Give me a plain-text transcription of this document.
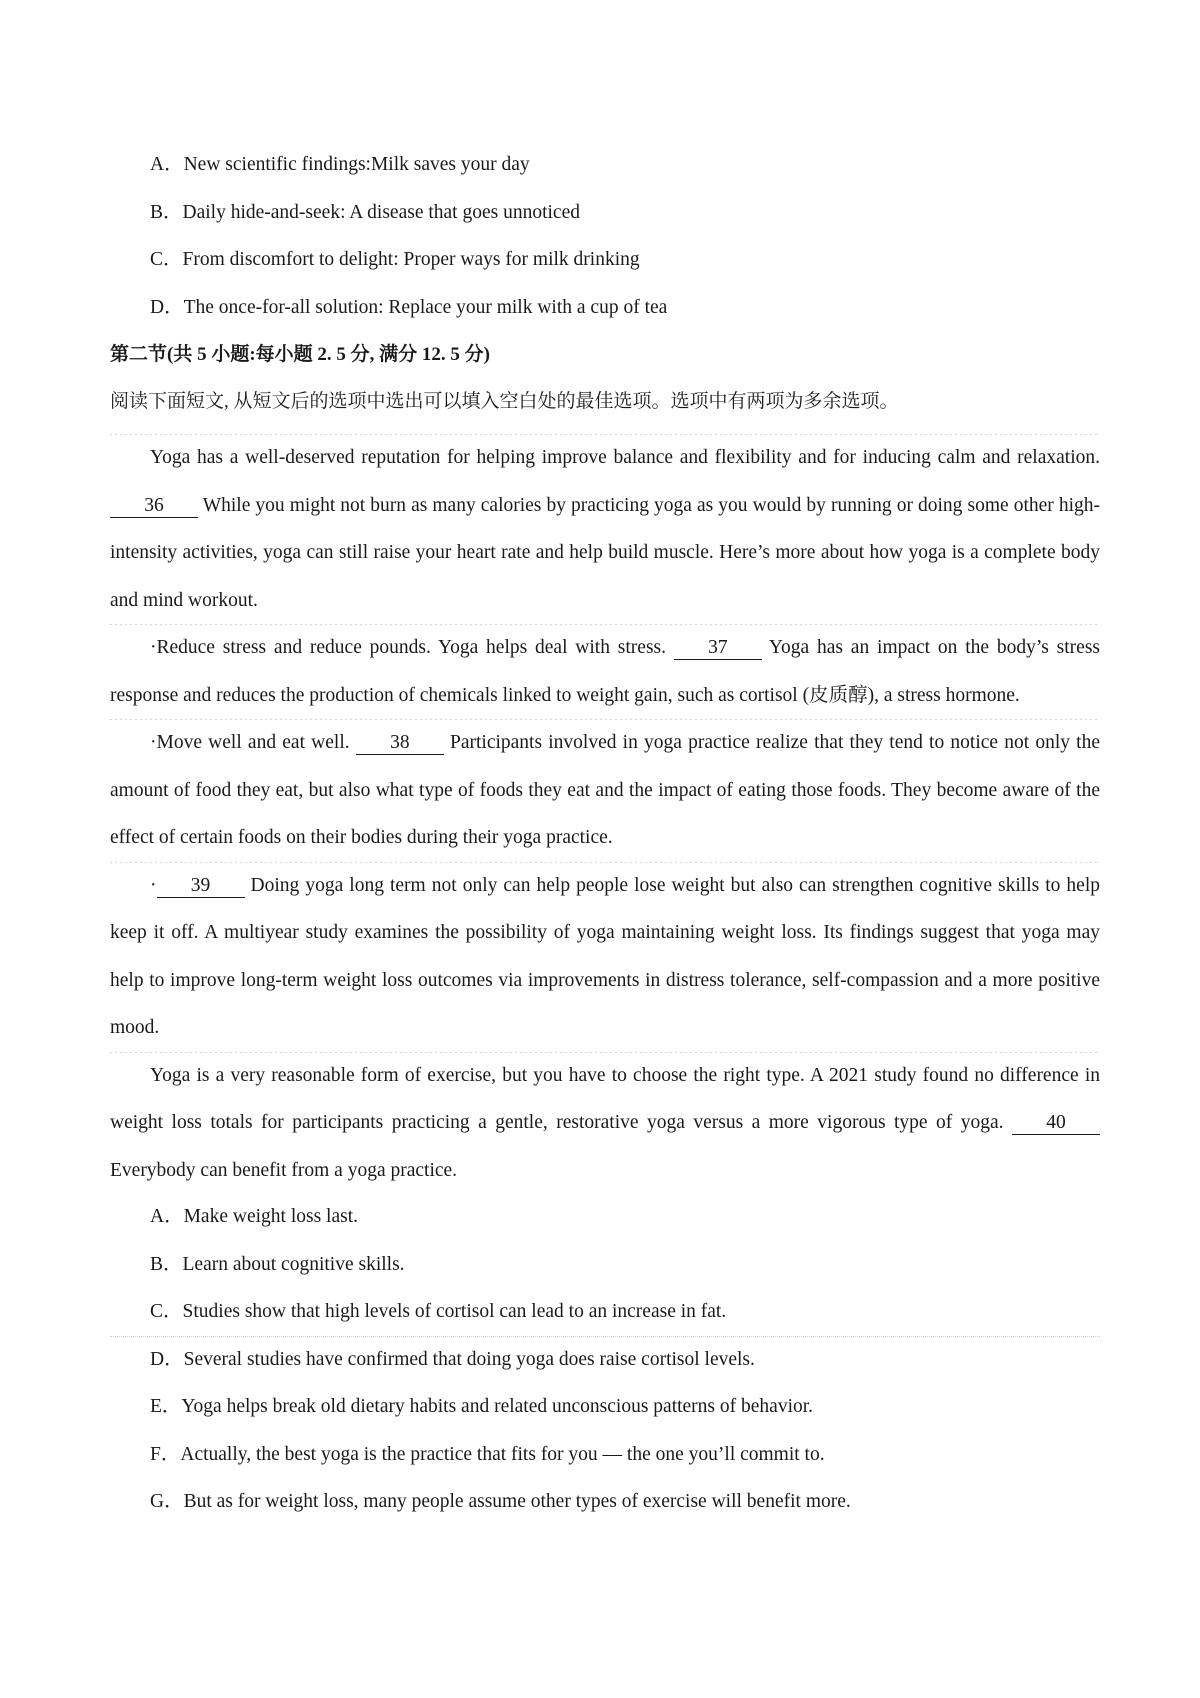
A．New scientific findings:Milk saves your day
B．Daily hide-and-seek: A disease that goes unnoticed
C．From discomfort to delight: Proper ways for milk drinking
D．The once-for-all solution: Replace your milk with a cup of tea
第二节(共 5 小题:每小题 2. 5 分, 满分 12. 5 分)
阅读下面短文, 从短文后的选项中选出可以填入空白处的最佳选项。选项中有两项为多余选项。

Yoga has a well-deserved reputation for helping improve balance and flexibility and for inducing calm and relaxation. 36 While you might not burn as many calories by practicing yoga as you would by running or doing some other high-intensity activities, yoga can still raise your heart rate and help build muscle. Here’s more about how yoga is a complete body and mind workout.

·Reduce stress and reduce pounds. Yoga helps deal with stress. 37 Yoga has an impact on the body’s stress response and reduces the production of chemicals linked to weight gain, such as cortisol (皮质醇), a stress hormone.

·Move well and eat well. 38 Participants involved in yoga practice realize that they tend to notice not only the amount of food they eat, but also what type of foods they eat and the impact of eating those foods. They become aware of the effect of certain foods on their bodies during their yoga practice.

· 39 Doing yoga long term not only can help people lose weight but also can strengthen cognitive skills to help keep it off. A multiyear study examines the possibility of yoga maintaining weight loss. Its findings suggest that yoga may help to improve long-term weight loss outcomes via improvements in distress tolerance, self-compassion and a more positive mood.

Yoga is a very reasonable form of exercise, but you have to choose the right type. A 2021 study found no difference in weight loss totals for participants practicing a gentle, restorative yoga versus a more vigorous type of yoga. 40 Everybody can benefit from a yoga practice.

A．Make weight loss last.
B．Learn about cognitive skills.
C．Studies show that high levels of cortisol can lead to an increase in fat.
D．Several studies have confirmed that doing yoga does raise cortisol levels.
E．Yoga helps break old dietary habits and related unconscious patterns of behavior.
F．Actually, the best yoga is the practice that fits for you — the one you’ll commit to.
G．But as for weight loss, many people assume other types of exercise will benefit more.
